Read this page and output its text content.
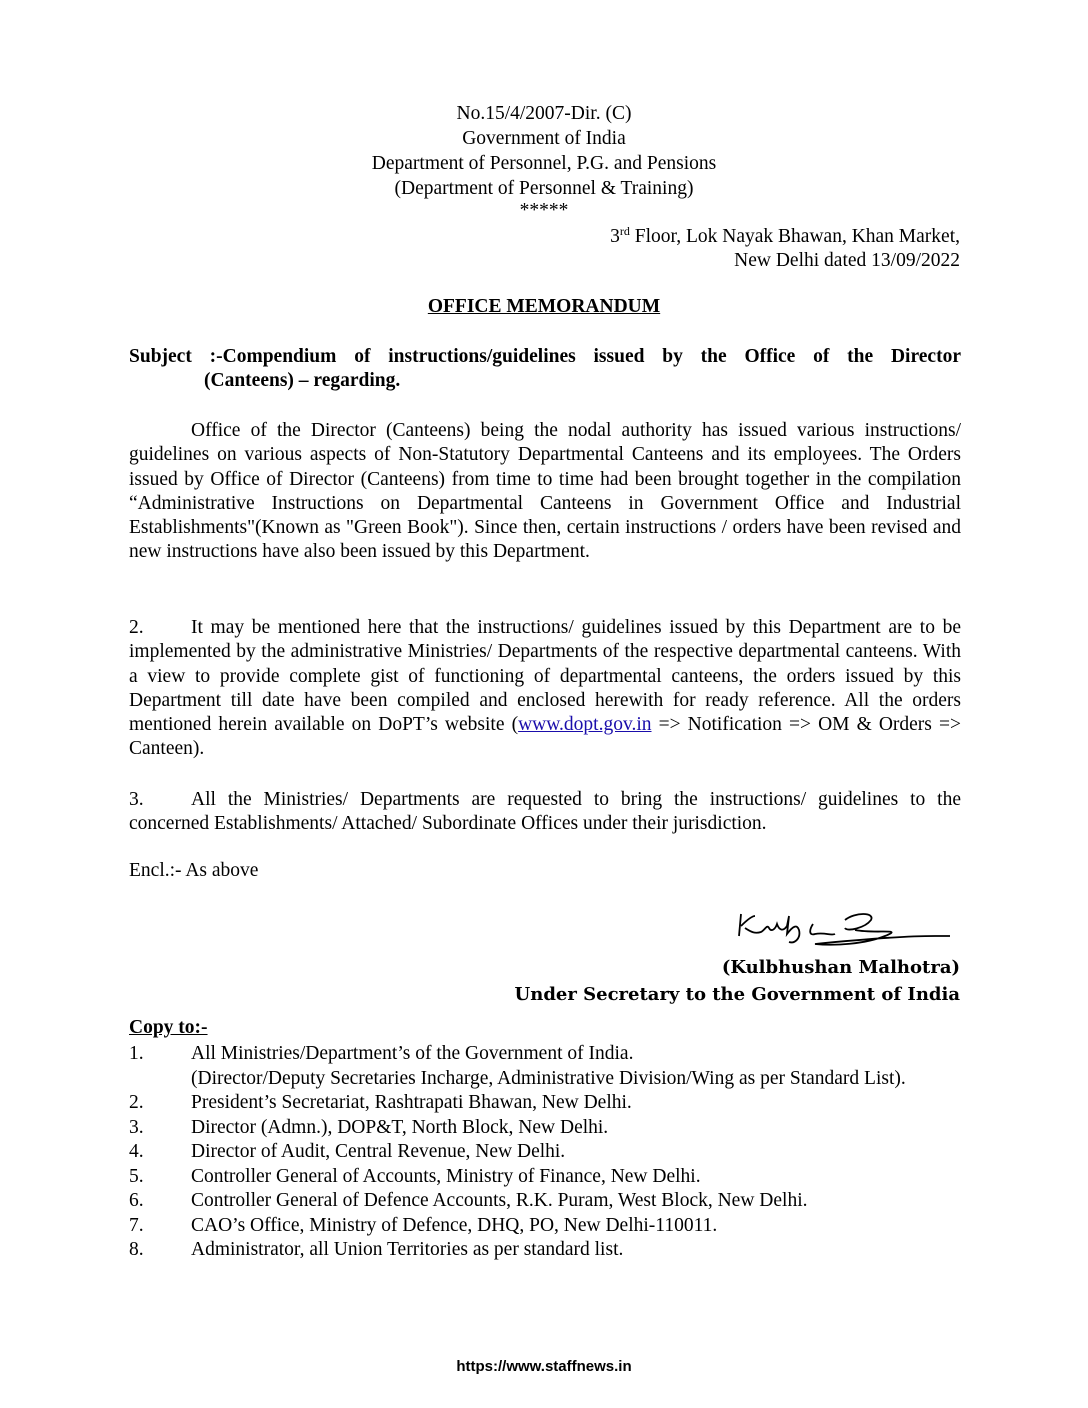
No.15/4/2007-Dir. (C)
Government of India
Department of Personnel, P.G. and Pensions
(Department of Personnel & Training)
*****
3rd Floor, Lok Nayak Bhawan, Khan Market,
New Delhi dated 13/09/2022
OFFICE MEMORANDUM
Subject :-Compendium of instructions/guidelines issued by the Office of the Director
(Canteens) – regarding.
Office of the Director (Canteens) being the nodal authority has issued various instructions/ guidelines on various aspects of Non-Statutory Departmental Canteens and its employees. The Orders issued by Office of Director (Canteens) from time to time had been brought together in the compilation “Administrative Instructions on Departmental Canteens in Government Office and Industrial Establishments"(Known as "Green Book"). Since then, certain instructions / orders have been revised and new instructions have also been issued by this Department.
2. It may be mentioned here that the instructions/ guidelines issued by this Department are to be implemented by the administrative Ministries/ Departments of the respective departmental canteens. With a view to provide complete gist of functioning of departmental canteens, the orders issued by this Department till date have been compiled and enclosed herewith for ready reference. All the orders mentioned herein available on DoPT’s website (www.dopt.gov.in => Notification => OM & Orders => Canteen).
3. All the Ministries/ Departments are requested to bring the instructions/ guidelines to the concerned Establishments/ Attached/ Subordinate Offices under their jurisdiction.
Encl.:- As above
(Kulbhushan Malhotra)
Under Secretary to the Government of India
Copy to:-
1.	All Ministries/Department’s of the Government of India.
(Director/Deputy Secretaries Incharge, Administrative Division/Wing as per Standard List).
2.	President’s Secretariat, Rashtrapati Bhawan, New Delhi.
3.	Director (Admn.), DOP&T, North Block, New Delhi.
4.	Director of Audit, Central Revenue, New Delhi.
5.	Controller General of Accounts, Ministry of Finance, New Delhi.
6.	Controller General of Defence Accounts, R.K. Puram, West Block, New Delhi.
7.	CAO’s Office, Ministry of Defence, DHQ, PO, New Delhi-110011.
8.	Administrator, all Union Territories as per standard list.
https://www.staffnews.in
